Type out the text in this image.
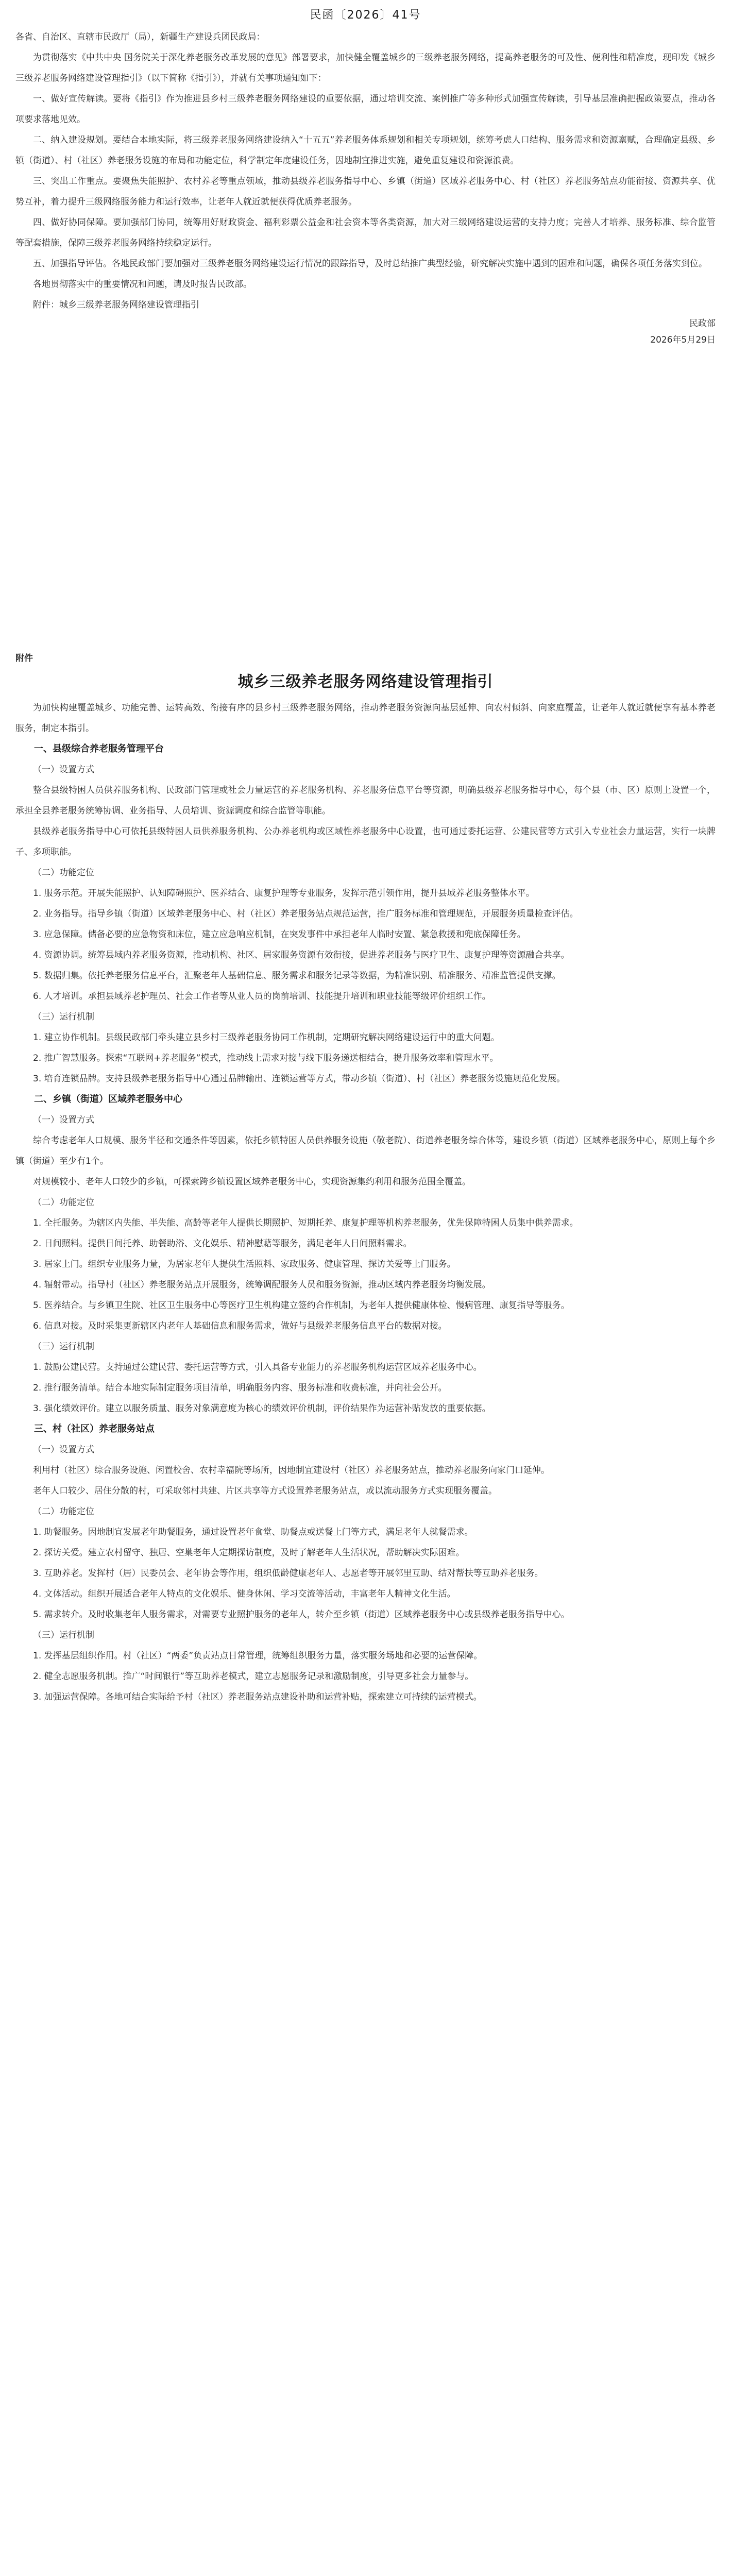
民函〔2026〕41号

各省、自治区、直辖市民政厅（局），新疆生产建设兵团民政局：

为贯彻落实《中共中央 国务院关于深化养老服务改革发展的意见》部署要求，加快健全覆盖城乡的三级养老服务网络，提高养老服务的可及性、便利性和精准度，现印发《城乡三级养老服务网络建设管理指引》（以下简称《指引》），并就有关事项通知如下：

一、做好宣传解读。要将《指引》作为推进县乡村三级养老服务网络建设的重要依据，通过培训交流、案例推广等多种形式加强宣传解读，引导基层准确把握政策要点，推动各项要求落地见效。

二、纳入建设规划。要结合本地实际，将三级养老服务网络建设纳入“十五五”养老服务体系规划和相关专项规划，统筹考虑人口结构、服务需求和资源禀赋，合理确定县级、乡镇（街道）、村（社区）养老服务设施的布局和功能定位，科学制定年度建设任务，因地制宜推进实施，避免重复建设和资源浪费。

三、突出工作重点。要聚焦失能照护、农村养老等重点领域，推动县级养老服务指导中心、乡镇（街道）区域养老服务中心、村（社区）养老服务站点功能衔接、资源共享、优势互补，着力提升三级网络服务能力和运行效率，让老年人就近就便获得优质养老服务。

四、做好协同保障。要加强部门协同，统筹用好财政资金、福利彩票公益金和社会资本等各类资源，加大对三级网络建设运营的支持力度；完善人才培养、服务标准、综合监管等配套措施，保障三级养老服务网络持续稳定运行。

五、加强指导评估。各地民政部门要加强对三级养老服务网络建设运行情况的跟踪指导，及时总结推广典型经验，研究解决实施中遇到的困难和问题，确保各项任务落实到位。

各地贯彻落实中的重要情况和问题，请及时报告民政部。

附件：城乡三级养老服务网络建设管理指引

民政部
2026年5月29日
附件
城乡三级养老服务网络建设管理指引

为加快构建覆盖城乡、功能完善、运转高效、衔接有序的县乡村三级养老服务网络，推动养老服务资源向基层延伸、向农村倾斜、向家庭覆盖，让老年人就近就便享有基本养老服务，制定本指引。

一、县级综合养老服务管理平台
（一）设置方式

整合县级特困人员供养服务机构、民政部门管理或社会力量运营的养老服务机构、养老服务信息平台等资源，明确县级养老服务指导中心，每个县（市、区）原则上设置一个，承担全县养老服务统筹协调、业务指导、人员培训、资源调度和综合监管等职能。

县级养老服务指导中心可依托县级特困人员供养服务机构、公办养老机构或区域性养老服务中心设置，也可通过委托运营、公建民营等方式引入专业社会力量运营，实行一块牌子、多项职能。

（二）功能定位

1. 服务示范。开展失能照护、认知障碍照护、医养结合、康复护理等专业服务，发挥示范引领作用，提升县域养老服务整体水平。

2. 业务指导。指导乡镇（街道）区域养老服务中心、村（社区）养老服务站点规范运营，推广服务标准和管理规范，开展服务质量检查评估。

3. 应急保障。储备必要的应急物资和床位，建立应急响应机制，在突发事件中承担老年人临时安置、紧急救援和兜底保障任务。

4. 资源协调。统筹县域内养老服务资源，推动机构、社区、居家服务资源有效衔接，促进养老服务与医疗卫生、康复护理等资源融合共享。

5. 数据归集。依托养老服务信息平台，汇聚老年人基础信息、服务需求和服务记录等数据，为精准识别、精准服务、精准监管提供支撑。

6. 人才培训。承担县域养老护理员、社会工作者等从业人员的岗前培训、技能提升培训和职业技能等级评价组织工作。

（三）运行机制

1. 建立协作机制。县级民政部门牵头建立县乡村三级养老服务协同工作机制，定期研究解决网络建设运行中的重大问题。

2. 推广智慧服务。探索“互联网+养老服务”模式，推动线上需求对接与线下服务递送相结合，提升服务效率和管理水平。

3. 培育连锁品牌。支持县级养老服务指导中心通过品牌输出、连锁运营等方式，带动乡镇（街道）、村（社区）养老服务设施规范化发展。

二、乡镇（街道）区域养老服务中心
（一）设置方式

综合考虑老年人口规模、服务半径和交通条件等因素，依托乡镇特困人员供养服务设施（敬老院）、街道养老服务综合体等，建设乡镇（街道）区域养老服务中心，原则上每个乡镇（街道）至少有1个。

对规模较小、老年人口较少的乡镇，可探索跨乡镇设置区域养老服务中心，实现资源集约利用和服务范围全覆盖。

（二）功能定位

1. 全托服务。为辖区内失能、半失能、高龄等老年人提供长期照护、短期托养、康复护理等机构养老服务，优先保障特困人员集中供养需求。

2. 日间照料。提供日间托养、助餐助浴、文化娱乐、精神慰藉等服务，满足老年人日间照料需求。

3. 居家上门。组织专业服务力量，为居家老年人提供生活照料、家政服务、健康管理、探访关爱等上门服务。

4. 辐射带动。指导村（社区）养老服务站点开展服务，统筹调配服务人员和服务资源，推动区域内养老服务均衡发展。

5. 医养结合。与乡镇卫生院、社区卫生服务中心等医疗卫生机构建立签约合作机制，为老年人提供健康体检、慢病管理、康复指导等服务。

6. 信息对接。及时采集更新辖区内老年人基础信息和服务需求，做好与县级养老服务信息平台的数据对接。

（三）运行机制

1. 鼓励公建民营。支持通过公建民营、委托运营等方式，引入具备专业能力的养老服务机构运营区域养老服务中心。

2. 推行服务清单。结合本地实际制定服务项目清单，明确服务内容、服务标准和收费标准，并向社会公开。

3. 强化绩效评价。建立以服务质量、服务对象满意度为核心的绩效评价机制，评价结果作为运营补贴发放的重要依据。

三、村（社区）养老服务站点
（一）设置方式

利用村（社区）综合服务设施、闲置校舍、农村幸福院等场所，因地制宜建设村（社区）养老服务站点，推动养老服务向家门口延伸。

老年人口较少、居住分散的村，可采取邻村共建、片区共享等方式设置养老服务站点，或以流动服务方式实现服务覆盖。

（二）功能定位

1. 助餐服务。因地制宜发展老年助餐服务，通过设置老年食堂、助餐点或送餐上门等方式，满足老年人就餐需求。

2. 探访关爱。建立农村留守、独居、空巢老年人定期探访制度，及时了解老年人生活状况，帮助解决实际困难。

3. 互助养老。发挥村（居）民委员会、老年协会等作用，组织低龄健康老年人、志愿者等开展邻里互助、结对帮扶等互助养老服务。

4. 文体活动。组织开展适合老年人特点的文化娱乐、健身休闲、学习交流等活动，丰富老年人精神文化生活。

5. 需求转介。及时收集老年人服务需求，对需要专业照护服务的老年人，转介至乡镇（街道）区域养老服务中心或县级养老服务指导中心。

（三）运行机制

1. 发挥基层组织作用。村（社区）“两委”负责站点日常管理，统筹组织服务力量，落实服务场地和必要的运营保障。

2. 健全志愿服务机制。推广“时间银行”等互助养老模式，建立志愿服务记录和激励制度，引导更多社会力量参与。

3. 加强运营保障。各地可结合实际给予村（社区）养老服务站点建设补助和运营补贴，探索建立可持续的运营模式。
